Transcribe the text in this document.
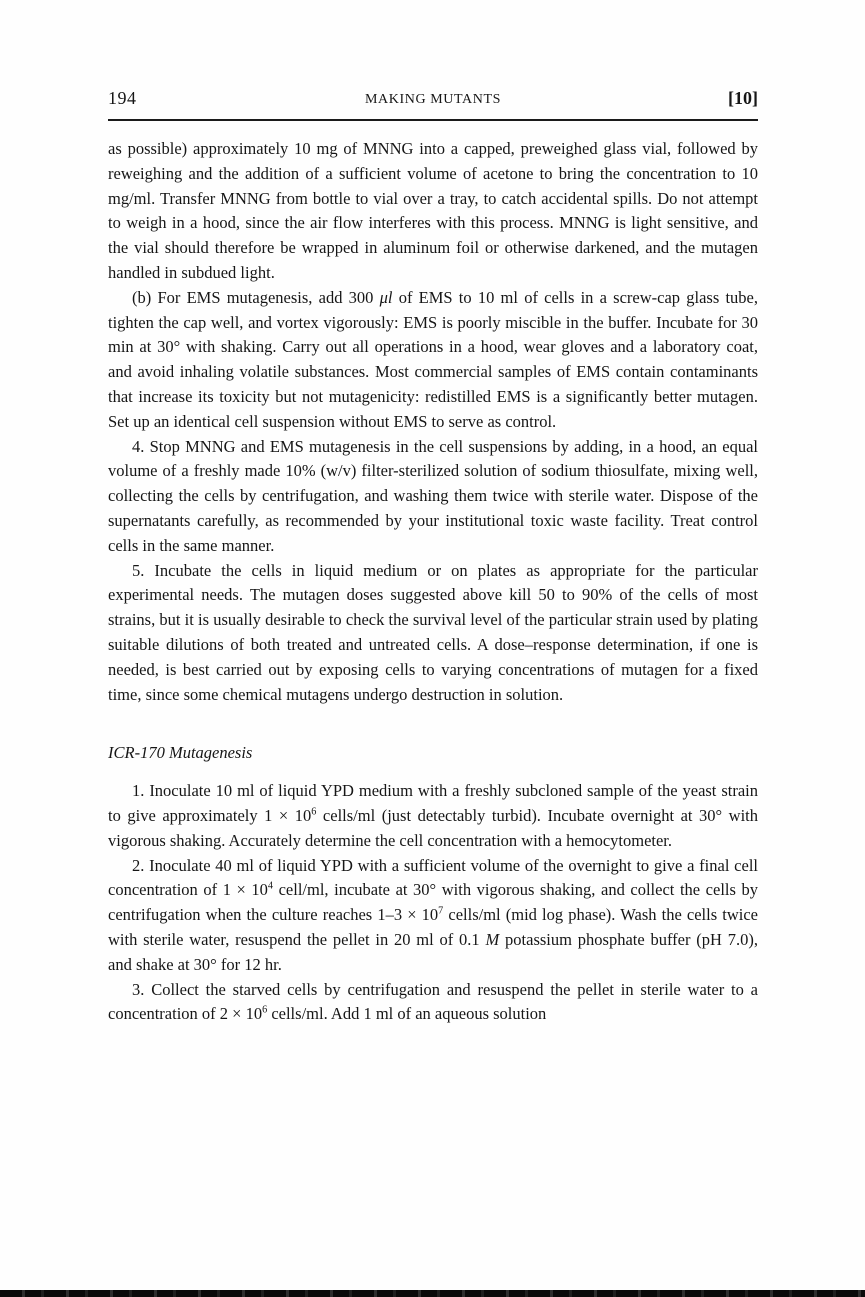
194	MAKING MUTANTS	[10]

as possible) approximately 10 mg of MNNG into a capped, preweighed glass vial, followed by reweighing and the addition of a sufficient volume of acetone to bring the concentration to 10 mg/ml. Transfer MNNG from bottle to vial over a tray, to catch accidental spills. Do not attempt to weigh in a hood, since the air flow interferes with this process. MNNG is light sensitive, and the vial should therefore be wrapped in aluminum foil or otherwise darkened, and the mutagen handled in subdued light.

(b) For EMS mutagenesis, add 300 μl of EMS to 10 ml of cells in a screw-cap glass tube, tighten the cap well, and vortex vigorously: EMS is poorly miscible in the buffer. Incubate for 30 min at 30° with shaking. Carry out all operations in a hood, wear gloves and a laboratory coat, and avoid inhaling volatile substances. Most commercial samples of EMS contain contaminants that increase its toxicity but not mutagenicity: redistilled EMS is a significantly better mutagen. Set up an identical cell suspension without EMS to serve as control.

4. Stop MNNG and EMS mutagenesis in the cell suspensions by adding, in a hood, an equal volume of a freshly made 10% (w/v) filter-sterilized solution of sodium thiosulfate, mixing well, collecting the cells by centrifugation, and washing them twice with sterile water. Dispose of the supernatants carefully, as recommended by your institutional toxic waste facility. Treat control cells in the same manner.

5. Incubate the cells in liquid medium or on plates as appropriate for the particular experimental needs. The mutagen doses suggested above kill 50 to 90% of the cells of most strains, but it is usually desirable to check the survival level of the particular strain used by plating suitable dilutions of both treated and untreated cells. A dose–response determination, if one is needed, is best carried out by exposing cells to varying concentrations of mutagen for a fixed time, since some chemical mutagens undergo destruction in solution.

ICR-170 Mutagenesis

1. Inoculate 10 ml of liquid YPD medium with a freshly subcloned sample of the yeast strain to give approximately $1 \times 10^6$ cells/ml (just detectably turbid). Incubate overnight at 30° with vigorous shaking. Accurately determine the cell concentration with a hemocytometer.

2. Inoculate 40 ml of liquid YPD with a sufficient volume of the overnight to give a final cell concentration of $1 \times 10^4$ cell/ml, incubate at 30° with vigorous shaking, and collect the cells by centrifugation when the culture reaches $1-3 \times 10^7$ cells/ml (mid log phase). Wash the cells twice with sterile water, resuspend the pellet in 20 ml of 0.1 M potassium phosphate buffer (pH 7.0), and shake at 30° for 12 hr.

3. Collect the starved cells by centrifugation and resuspend the pellet in sterile water to a concentration of $2 \times 10^6$ cells/ml. Add 1 ml of an aqueous solution
